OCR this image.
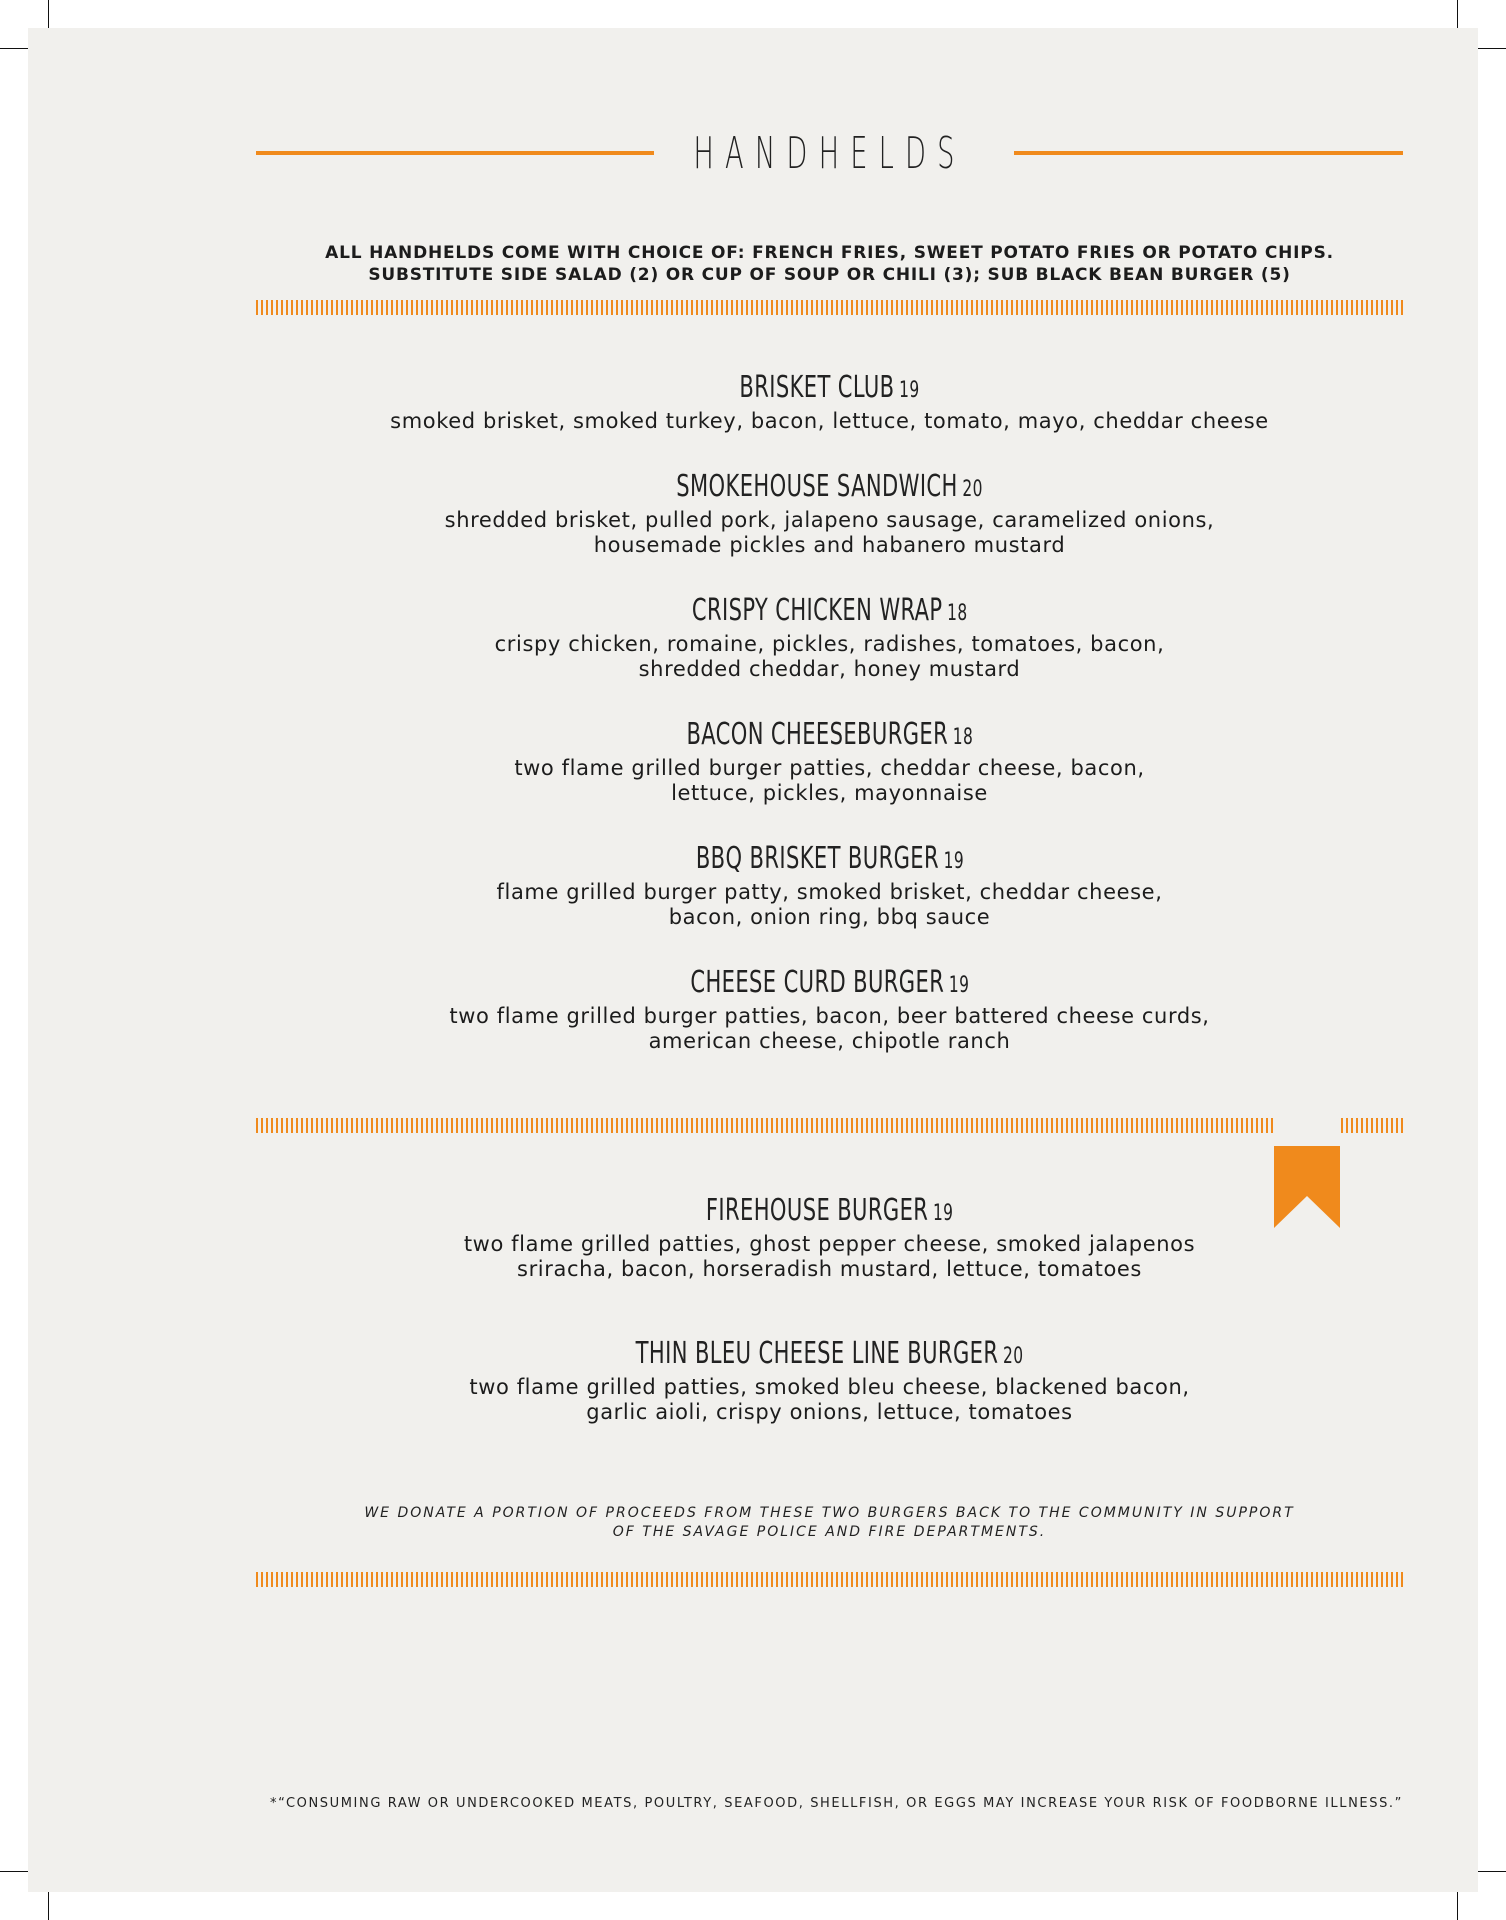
HANDHELDS
ALL HANDHELDS COME WITH CHOICE OF: FRENCH FRIES, SWEET POTATO FRIES OR POTATO CHIPS.
SUBSTITUTE SIDE SALAD (2) OR CUP OF SOUP OR CHILI (3); SUB BLACK BEAN BURGER (5)
BRISKET CLUB 19
smoked brisket, smoked turkey, bacon, lettuce, tomato, mayo, cheddar cheese
SMOKEHOUSE SANDWICH 20
shredded brisket, pulled pork, jalapeno sausage, caramelized onions,
housemade pickles and habanero mustard
CRISPY CHICKEN WRAP 18
crispy chicken, romaine, pickles, radishes, tomatoes, bacon,
shredded cheddar, honey mustard
BACON CHEESEBURGER 18
two flame grilled burger patties, cheddar cheese, bacon,
lettuce, pickles, mayonnaise
BBQ BRISKET BURGER 19
flame grilled burger patty, smoked brisket, cheddar cheese,
bacon, onion ring, bbq sauce
CHEESE CURD BURGER 19
two flame grilled burger patties, bacon, beer battered cheese curds,
american cheese, chipotle ranch
FIREHOUSE BURGER 19
two flame grilled patties, ghost pepper cheese, smoked jalapenos
sriracha, bacon, horseradish mustard, lettuce, tomatoes
THIN BLEU CHEESE LINE BURGER 20
two flame grilled patties, smoked bleu cheese, blackened bacon,
garlic aioli, crispy onions, lettuce, tomatoes
WE DONATE A PORTION OF PROCEEDS FROM THESE TWO BURGERS BACK TO THE COMMUNITY IN SUPPORT
OF THE SAVAGE POLICE AND FIRE DEPARTMENTS.
*“CONSUMING RAW OR UNDERCOOKED MEATS, POULTRY, SEAFOOD, SHELLFISH, OR EGGS MAY INCREASE YOUR RISK OF FOODBORNE ILLNESS.”
